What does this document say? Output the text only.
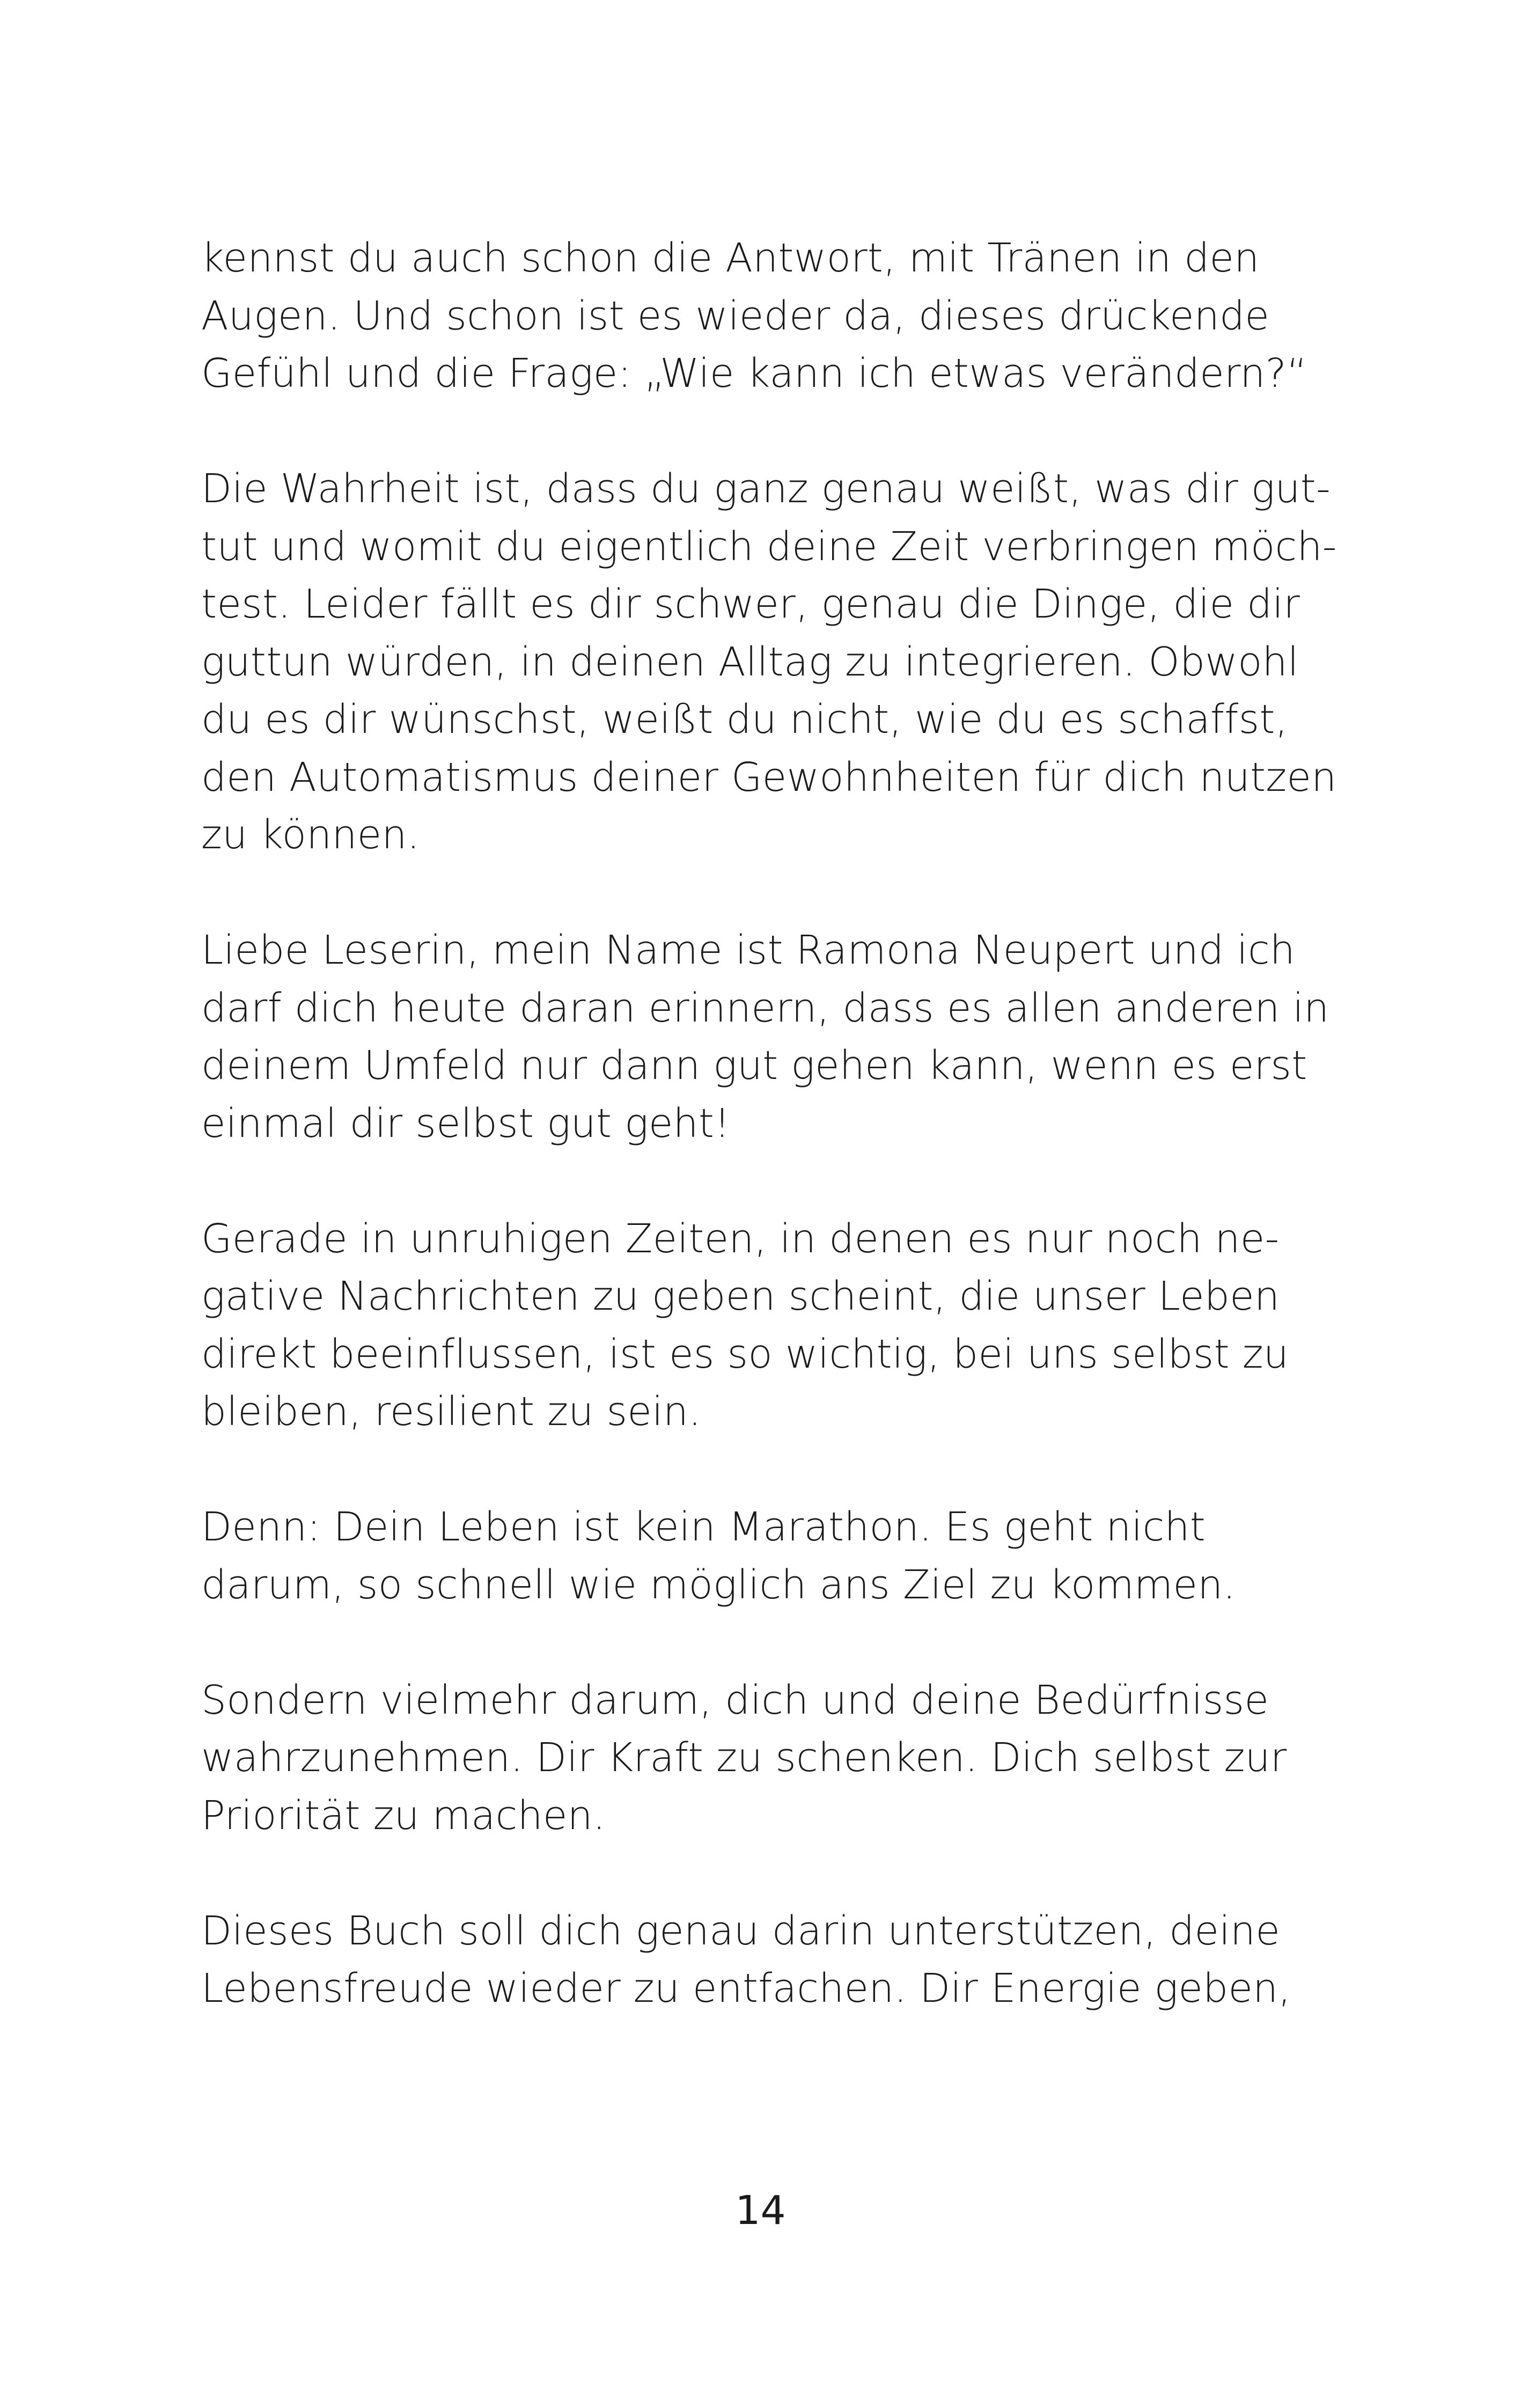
kennst du auch schon die Antwort, mit Tränen in den
Augen. Und schon ist es wieder da, dieses drückende
Gefühl und die Frage: „Wie kann ich etwas verändern?“
Die Wahrheit ist, dass du ganz genau weißt, was dir gut-
tut und womit du eigentlich deine Zeit verbringen möch-
test. Leider fällt es dir schwer, genau die Dinge, die dir
guttun würden, in deinen Alltag zu integrieren. Obwohl
du es dir wünschst, weißt du nicht, wie du es schaffst,
den Automatismus deiner Gewohnheiten für dich nutzen
zu können.
Liebe Leserin, mein Name ist Ramona Neupert und ich
darf dich heute daran erinnern, dass es allen anderen in
deinem Umfeld nur dann gut gehen kann, wenn es erst
einmal dir selbst gut geht!
Gerade in unruhigen Zeiten, in denen es nur noch ne-
gative Nachrichten zu geben scheint, die unser Leben
direkt beeinflussen, ist es so wichtig, bei uns selbst zu
bleiben, resilient zu sein.
Denn: Dein Leben ist kein Marathon. Es geht nicht
darum, so schnell wie möglich ans Ziel zu kommen.
Sondern vielmehr darum, dich und deine Bedürfnisse
wahrzunehmen. Dir Kraft zu schenken. Dich selbst zur
Priorität zu machen.
Dieses Buch soll dich genau darin unterstützen, deine
Lebensfreude wieder zu entfachen. Dir Energie geben,
14
